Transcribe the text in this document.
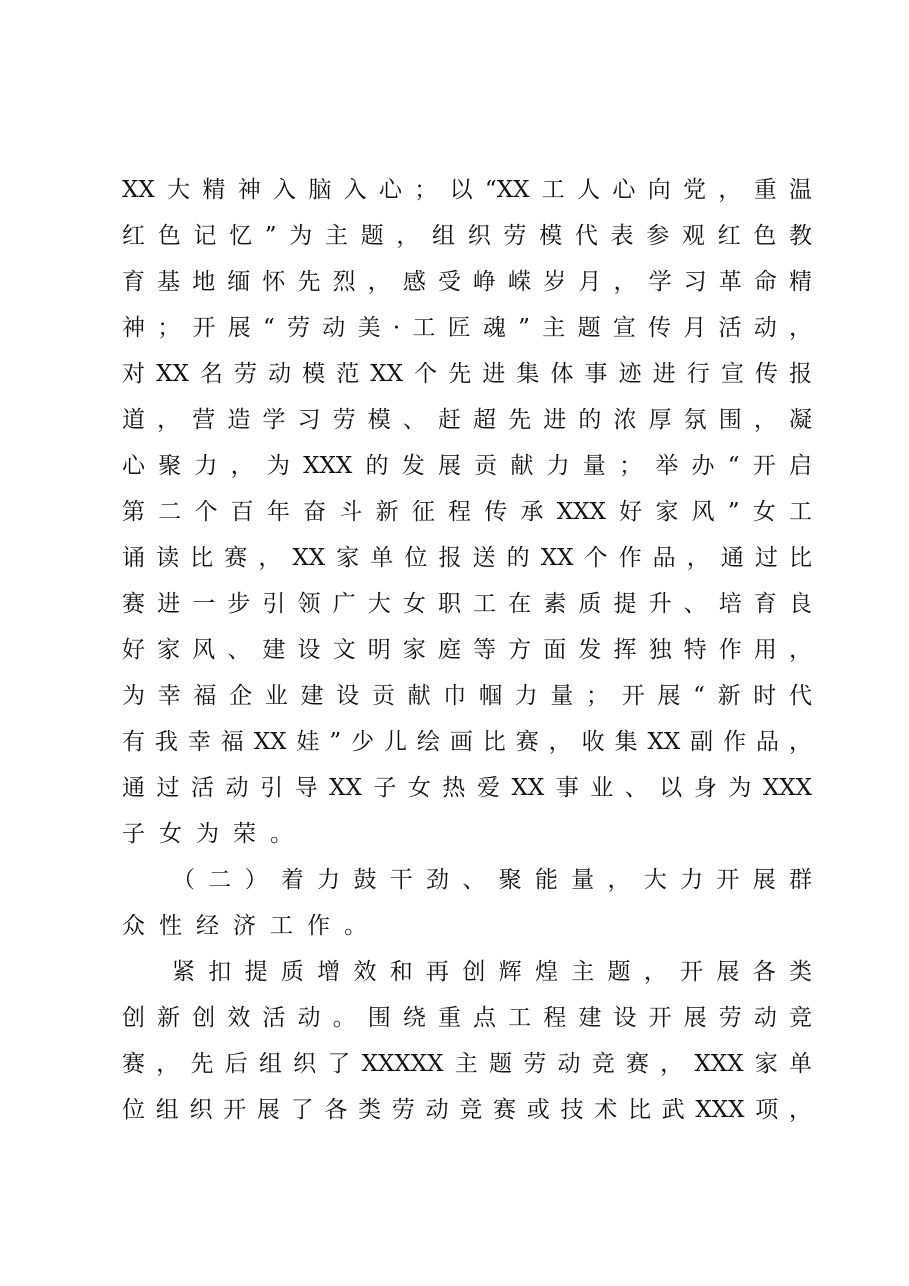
XX大精神入脑入心；以“XX工人心向党，重温
红色记忆”为主题，组织劳模代表参观红色教
育基地缅怀先烈，感受峥嵘岁月，学习革命精
神；开展“劳动美·工匠魂”主题宣传月活动，
对XX名劳动模范XX个先进集体事迹进行宣传报
道，营造学习劳模、赶超先进的浓厚氛围，凝
心聚力，为XXX的发展贡献力量；举办“开启
第二个百年奋斗新征程传承XXX好家风”女工
诵读比赛，XX家单位报送的XX个作品，通过比
赛进一步引领广大女职工在素质提升、培育良
好家风、建设文明家庭等方面发挥独特作用，
为幸福企业建设贡献巾帼力量；开展“新时代
有我幸福XX娃”少儿绘画比赛，收集XX副作品，
通过活动引导XX子女热爱XX事业、以身为XXX
子女为荣。
（二）着力鼓干劲、聚能量，大力开展群
众性经济工作。
紧扣提质增效和再创辉煌主题，开展各类
创新创效活动。围绕重点工程建设开展劳动竞
赛，先后组织了XXXXX主题劳动竞赛，XXX家单
位组织开展了各类劳动竞赛或技术比武XXX项，
